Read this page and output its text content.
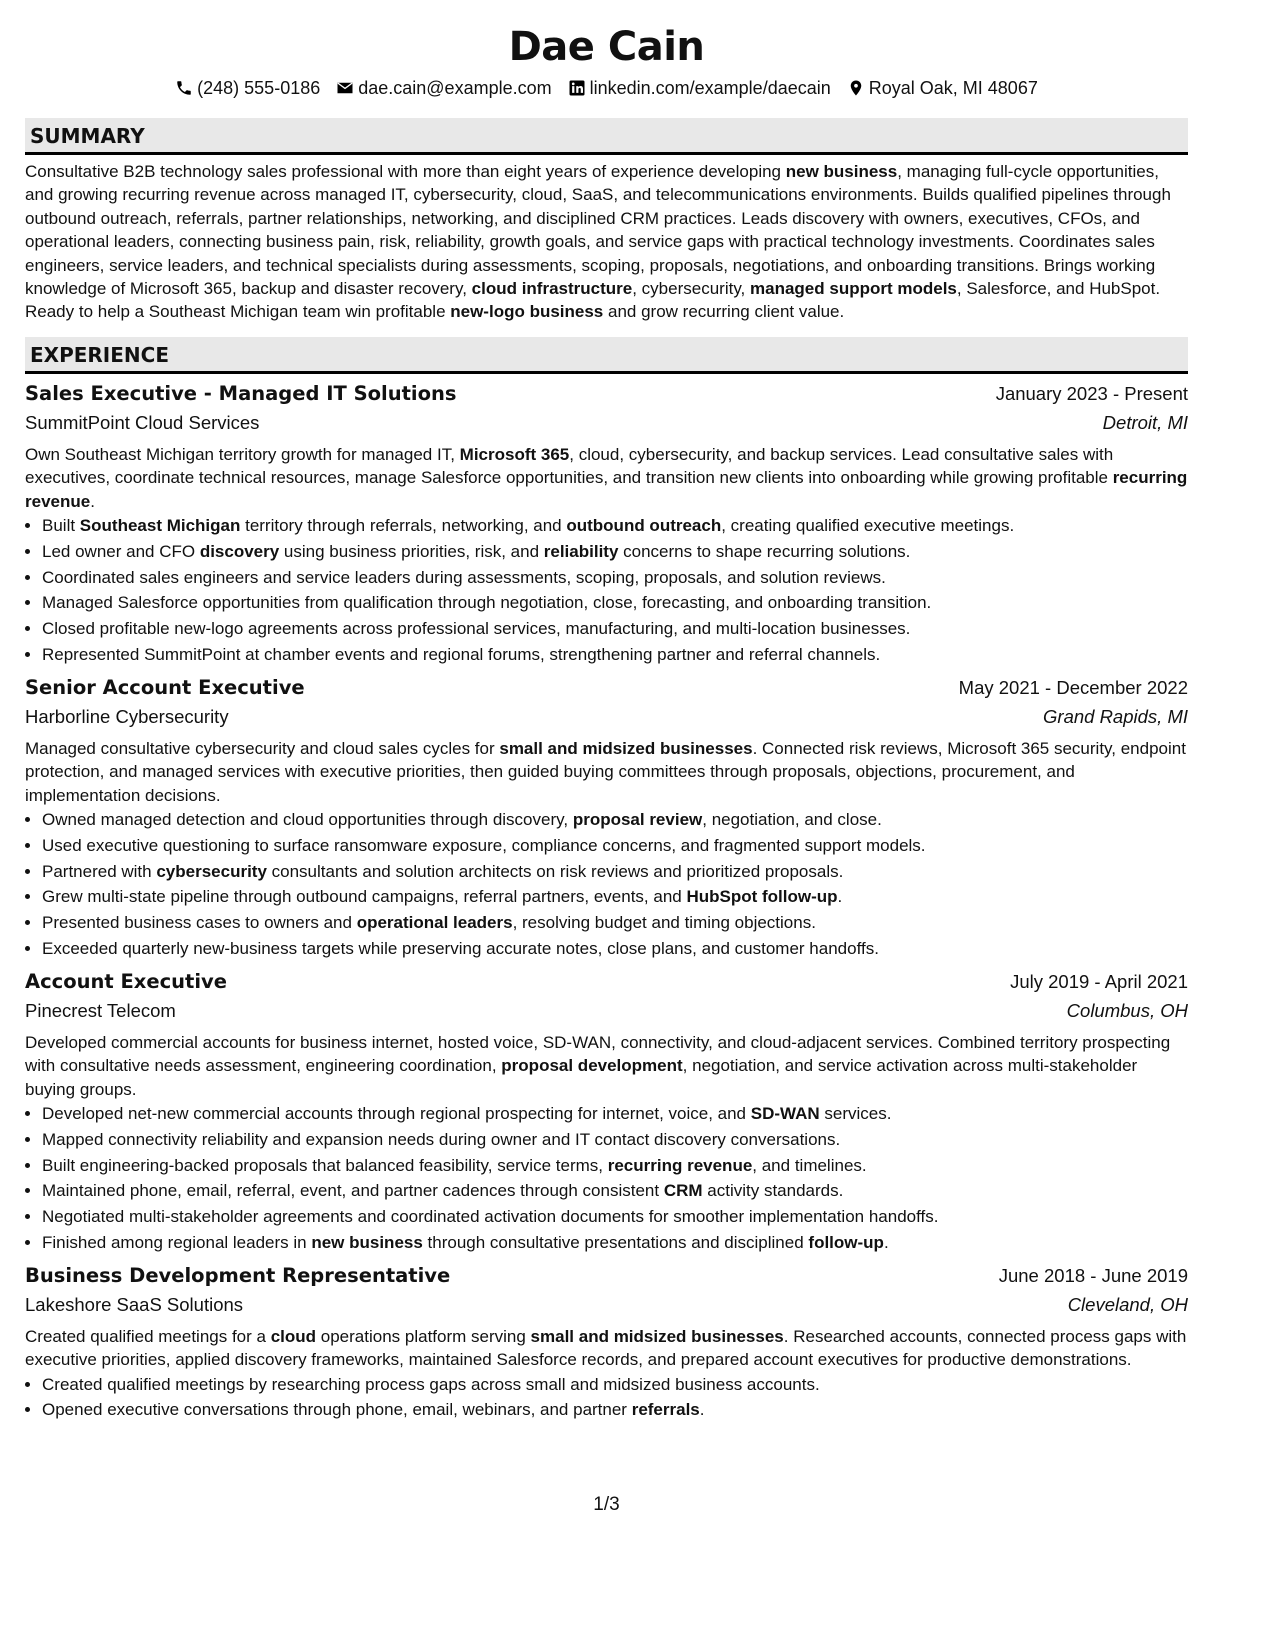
Dae Cain
(248) 555-0186 dae.cain@example.com linkedin.com/example/daecain Royal Oak, MI 48067
SUMMARY

Consultative B2B technology sales professional with more than eight years of experience developing new business, managing full-cycle opportunities, and growing recurring revenue across managed IT, cybersecurity, cloud, SaaS, and telecommunications environments. Builds qualified pipelines through outbound outreach, referrals, partner relationships, networking, and disciplined CRM practices. Leads discovery with owners, executives, CFOs, and operational leaders, connecting business pain, risk, reliability, growth goals, and service gaps with practical technology investments. Coordinates sales engineers, service leaders, and technical specialists during assessments, scoping, proposals, negotiations, and onboarding transitions. Brings working knowledge of Microsoft 365, backup and disaster recovery, cloud infrastructure, cybersecurity, managed support models, Salesforce, and HubSpot. Ready to help a Southeast Michigan team win profitable new-logo business and grow recurring client value.

EXPERIENCE
Sales Executive - Managed IT Solutions	January 2023 - Present
SummitPoint Cloud Services	Detroit, MI

Own Southeast Michigan territory growth for managed IT, Microsoft 365, cloud, cybersecurity, and backup services. Lead consultative sales with executives, coordinate technical resources, manage Salesforce opportunities, and transition new clients into onboarding while growing profitable recurring revenue.

• Built Southeast Michigan territory through referrals, networking, and outbound outreach, creating qualified executive meetings.
• Led owner and CFO discovery using business priorities, risk, and reliability concerns to shape recurring solutions.
• Coordinated sales engineers and service leaders during assessments, scoping, proposals, and solution reviews.
• Managed Salesforce opportunities from qualification through negotiation, close, forecasting, and onboarding transition.
• Closed profitable new-logo agreements across professional services, manufacturing, and multi-location businesses.
• Represented SummitPoint at chamber events and regional forums, strengthening partner and referral channels.
Senior Account Executive	May 2021 - December 2022
Harborline Cybersecurity	Grand Rapids, MI

Managed consultative cybersecurity and cloud sales cycles for small and midsized businesses. Connected risk reviews, Microsoft 365 security, endpoint protection, and managed services with executive priorities, then guided buying committees through proposals, objections, procurement, and implementation decisions.

• Owned managed detection and cloud opportunities through discovery, proposal review, negotiation, and close.
• Used executive questioning to surface ransomware exposure, compliance concerns, and fragmented support models.
• Partnered with cybersecurity consultants and solution architects on risk reviews and prioritized proposals.
• Grew multi-state pipeline through outbound campaigns, referral partners, events, and HubSpot follow-up.
• Presented business cases to owners and operational leaders, resolving budget and timing objections.
• Exceeded quarterly new-business targets while preserving accurate notes, close plans, and customer handoffs.
Account Executive	July 2019 - April 2021
Pinecrest Telecom	Columbus, OH

Developed commercial accounts for business internet, hosted voice, SD-WAN, connectivity, and cloud-adjacent services. Combined territory prospecting with consultative needs assessment, engineering coordination, proposal development, negotiation, and service activation across multi-stakeholder buying groups.

• Developed net-new commercial accounts through regional prospecting for internet, voice, and SD-WAN services.
• Mapped connectivity reliability and expansion needs during owner and IT contact discovery conversations.
• Built engineering-backed proposals that balanced feasibility, service terms, recurring revenue, and timelines.
• Maintained phone, email, referral, event, and partner cadences through consistent CRM activity standards.
• Negotiated multi-stakeholder agreements and coordinated activation documents for smoother implementation handoffs.
• Finished among regional leaders in new business through consultative presentations and disciplined follow-up.
Business Development Representative	June 2018 - June 2019
Lakeshore SaaS Solutions	Cleveland, OH

Created qualified meetings for a cloud operations platform serving small and midsized businesses. Researched accounts, connected process gaps with executive priorities, applied discovery frameworks, maintained Salesforce records, and prepared account executives for productive demonstrations.

• Created qualified meetings by researching process gaps across small and midsized business accounts.
• Opened executive conversations through phone, email, webinars, and partner referrals.
1/3
